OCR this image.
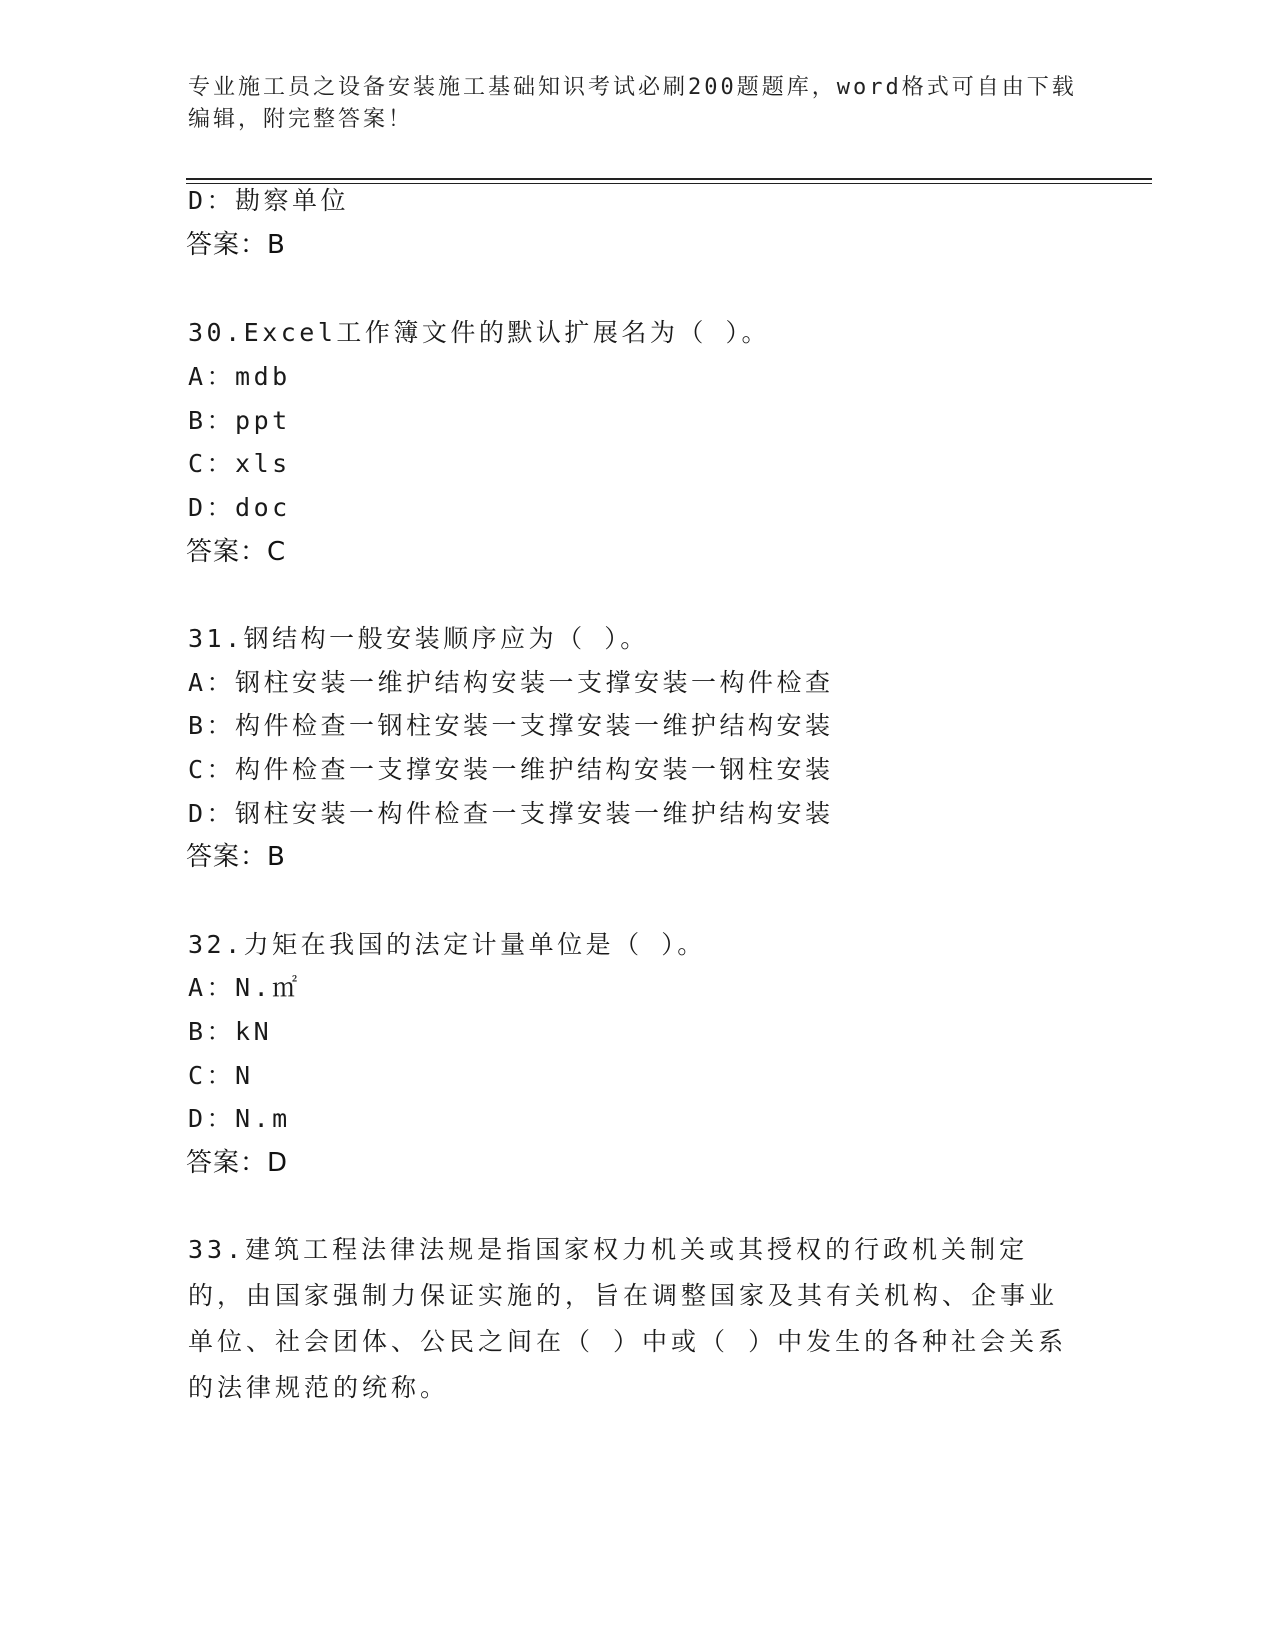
专业施工员之设备安装施工基础知识考试必刷200题题库，word格式可自由下载编辑，附完整答案！
D：勘察单位
答案：B
30.Excel工作簿文件的默认扩展名为（ ）。
A：mdb
B：ppt
C：xls
D：doc
答案：C
31.钢结构一般安装顺序应为（ ）。
A：钢柱安装一维护结构安装一支撑安装一构件检查
B：构件检查一钢柱安装一支撑安装一维护结构安装
C：构件检查一支撑安装一维护结构安装一钢柱安装
D：钢柱安装一构件检查一支撑安装一维护结构安装
答案：B
32.力矩在我国的法定计量单位是（ ）。
A：N.㎡
B：kN
C：N
D：N.m
答案：D
33.建筑工程法律法规是指国家权力机关或其授权的行政机关制定的，由国家强制力保证实施的，旨在调整国家及其有关机构、企事业单位、社会团体、公民之间在（ ）中或（ ）中发生的各种社会关系的法律规范的统称。
